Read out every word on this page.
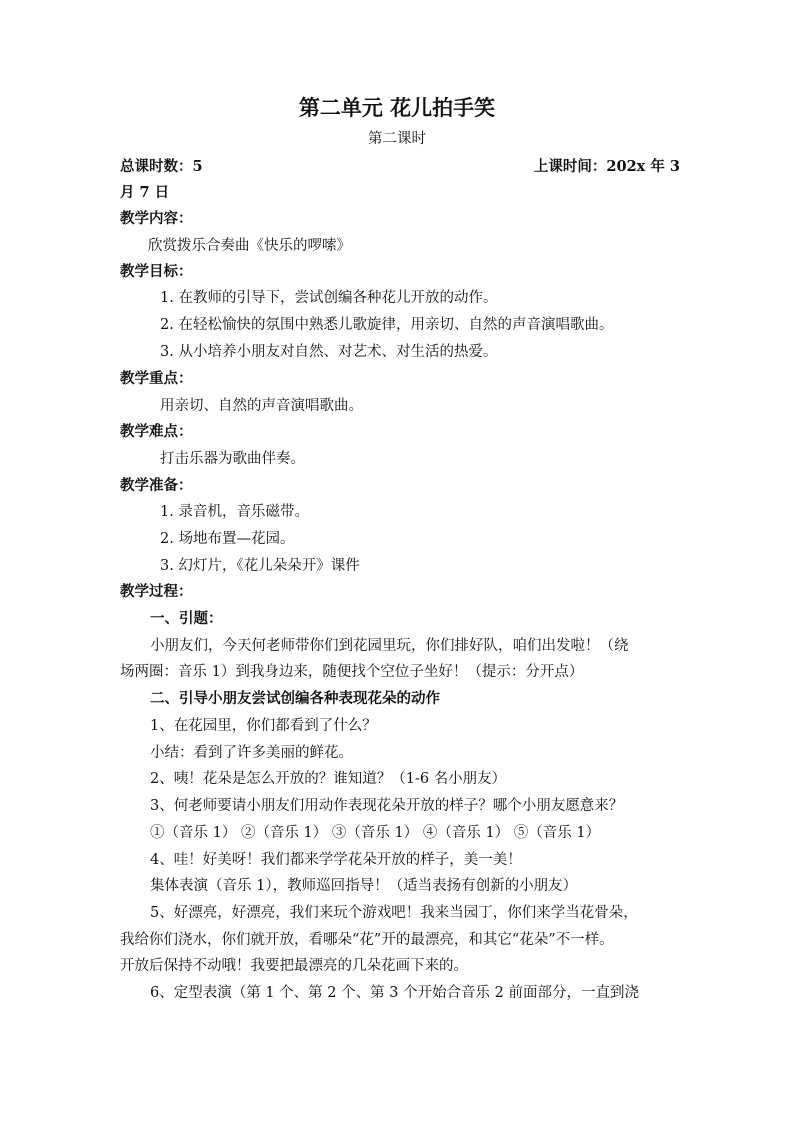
第二单元 花儿拍手笑
第二课时
总课时数：5	上课时间：202x 年 3
月 7 日
教学内容：
欣赏拨乐合奏曲《快乐的啰嗦》
教学目标：
1. 在教师的引导下，尝试创编各种花儿开放的动作。
2. 在轻松愉快的氛围中熟悉儿歌旋律，用亲切、自然的声音演唱歌曲。
3. 从小培养小朋友对自然、对艺术、对生活的热爱。
教学重点：
用亲切、自然的声音演唱歌曲。
教学难点：
打击乐器为歌曲伴奏。
教学准备：
1. 录音机，音乐磁带。
2. 场地布置—花园。
3. 幻灯片，《花儿朵朵开》课件
教学过程：
一、引题：
小朋友们，今天何老师带你们到花园里玩，你们排好队，咱们出发啦！（绕
场两圈：音乐 1）到我身边来，随便找个空位子坐好！（提示：分开点）
二、引导小朋友尝试创编各种表现花朵的动作
1、在花园里，你们都看到了什么？
小结：看到了许多美丽的鲜花。
2、咦！花朵是怎么开放的？谁知道？（1-6 名小朋友）
3、何老师要请小朋友们用动作表现花朵开放的样子？哪个小朋友愿意来？
①（音乐 1） ②（音乐 1） ③（音乐 1） ④（音乐 1） ⑤（音乐 1）
4、哇！好美呀！我们都来学学花朵开放的样子，美一美！
集体表演（音乐 1），教师巡回指导！（适当表扬有创新的小朋友）
5、好漂亮，好漂亮，我们来玩个游戏吧！我来当园丁，你们来学当花骨朵，
我给你们浇水，你们就开放，看哪朵“花”开的最漂亮，和其它“花朵”不一样。
开放后保持不动哦！我要把最漂亮的几朵花画下来的。
6、定型表演（第 1 个、第 2 个、第 3 个开始合音乐 2 前面部分，一直到浇
